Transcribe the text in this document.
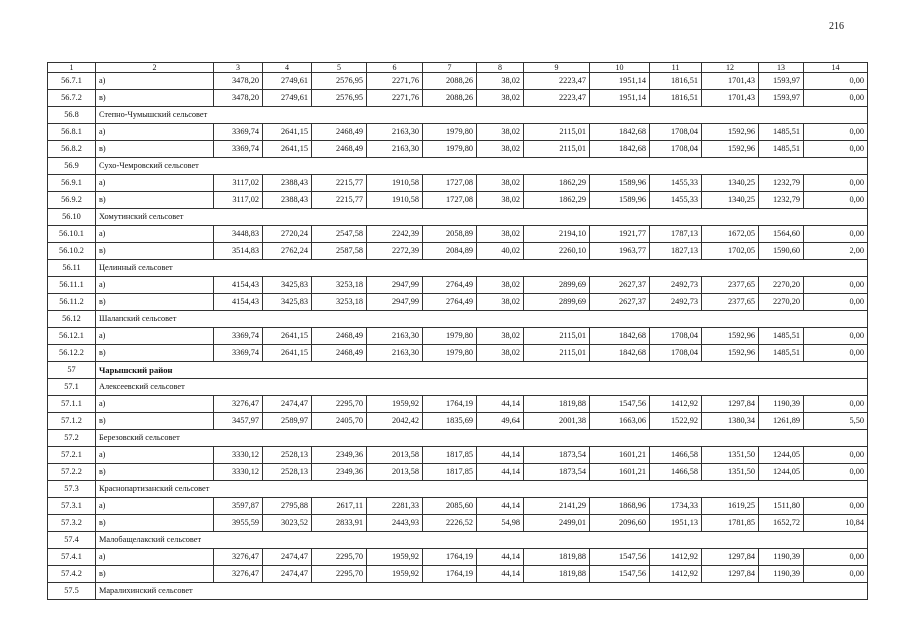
216
1	2	3	4	5	6	7	8	9	10	11	12	13	14
56.7.1	а)	3478,20	2749,61	2576,95	2271,76	2088,26	38,02	2223,47	1951,14	1816,51	1701,43	1593,97	0,00
56.7.2	в)	3478,20	2749,61	2576,95	2271,76	2088,26	38,02	2223,47	1951,14	1816,51	1701,43	1593,97	0,00
56.8	Степно-Чумышский сельсовет												
56.8.1	а)	3369,74	2641,15	2468,49	2163,30	1979,80	38,02	2115,01	1842,68	1708,04	1592,96	1485,51	0,00
56.8.2	в)	3369,74	2641,15	2468,49	2163,30	1979,80	38,02	2115,01	1842,68	1708,04	1592,96	1485,51	0,00
56.9	Сухо-Чемровский сельсовет												
56.9.1	а)	3117,02	2388,43	2215,77	1910,58	1727,08	38,02	1862,29	1589,96	1455,33	1340,25	1232,79	0,00
56.9.2	в)	3117,02	2388,43	2215,77	1910,58	1727,08	38,02	1862,29	1589,96	1455,33	1340,25	1232,79	0,00
56.10	Хомутинский сельсовет												
56.10.1	а)	3448,83	2720,24	2547,58	2242,39	2058,89	38,02	2194,10	1921,77	1787,13	1672,05	1564,60	0,00
56.10.2	в)	3514,83	2762,24	2587,58	2272,39	2084,89	40,02	2260,10	1963,77	1827,13	1702,05	1590,60	2,00
56.11	Целинный сельсовет												
56.11.1	а)	4154,43	3425,83	3253,18	2947,99	2764,49	38,02	2899,69	2627,37	2492,73	2377,65	2270,20	0,00
56.11.2	в)	4154,43	3425,83	3253,18	2947,99	2764,49	38,02	2899,69	2627,37	2492,73	2377,65	2270,20	0,00
56.12	Шалапский сельсовет												
56.12.1	а)	3369,74	2641,15	2468,49	2163,30	1979,80	38,02	2115,01	1842,68	1708,04	1592,96	1485,51	0,00
56.12.2	в)	3369,74	2641,15	2468,49	2163,30	1979,80	38,02	2115,01	1842,68	1708,04	1592,96	1485,51	0,00
57	Чарышский район												
57.1	Алексеевский сельсовет												
57.1.1	а)	3276,47	2474,47	2295,70	1959,92	1764,19	44,14	1819,88	1547,56	1412,92	1297,84	1190,39	0,00
57.1.2	в)	3457,97	2589,97	2405,70	2042,42	1835,69	49,64	2001,38	1663,06	1522,92	1380,34	1261,89	5,50
57.2	Березовский сельсовет												
57.2.1	а)	3330,12	2528,13	2349,36	2013,58	1817,85	44,14	1873,54	1601,21	1466,58	1351,50	1244,05	0,00
57.2.2	в)	3330,12	2528,13	2349,36	2013,58	1817,85	44,14	1873,54	1601,21	1466,58	1351,50	1244,05	0,00
57.3	Краснопартизанский сельсовет												
57.3.1	а)	3597,87	2795,88	2617,11	2281,33	2085,60	44,14	2141,29	1868,96	1734,33	1619,25	1511,80	0,00
57.3.2	в)	3955,59	3023,52	2833,91	2443,93	2226,52	54,98	2499,01	2096,60	1951,13	1781,85	1652,72	10,84
57.4	Малобащелакский сельсовет												
57.4.1	а)	3276,47	2474,47	2295,70	1959,92	1764,19	44,14	1819,88	1547,56	1412,92	1297,84	1190,39	0,00
57.4.2	в)	3276,47	2474,47	2295,70	1959,92	1764,19	44,14	1819,88	1547,56	1412,92	1297,84	1190,39	0,00
57.5	Маралихинский сельсовет												
